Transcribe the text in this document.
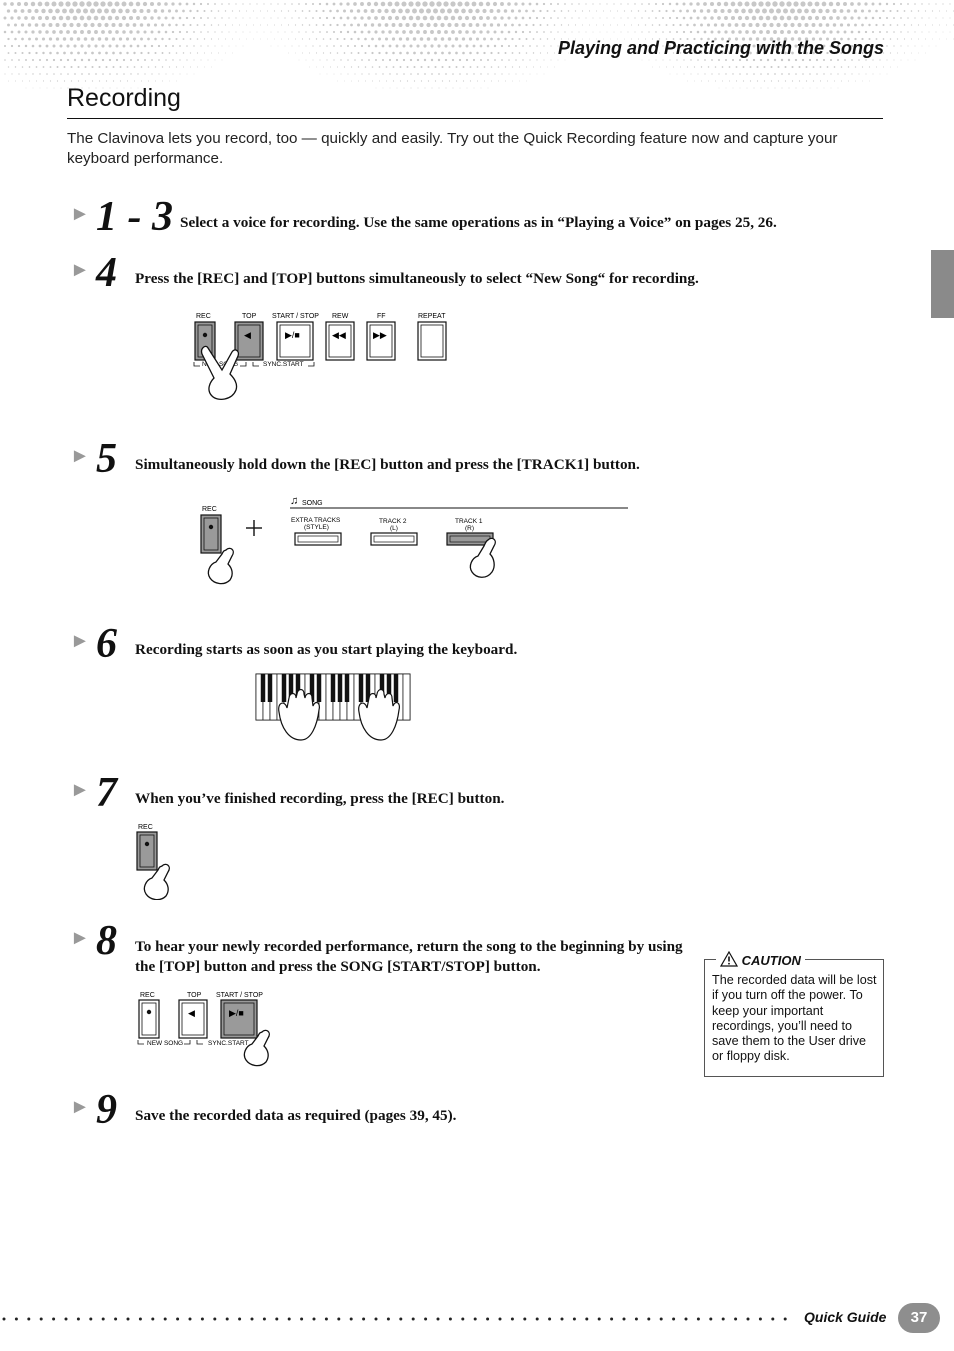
Playing and Practicing with the Songs
Recording
The Clavinova lets you record, too — quickly and easily. Try out the Quick Recording feature now and capture your keyboard performance.
► 1 - 3 Select a voice for recording. Use the same operations as in “Playing a Voice” on pages 25, 26.
► 4 Press the [REC] and [TOP] buttons simultaneously to select “New Song“ for recording.
REC	TOP START / STOP REW	FF	REPEAT
◀	▶/■	◀◀	▶▶
NEW SONG	SYNC.START
► 5 Simultaneously hold down the [REC] button and press the [TRACK1] button.
REC
♫ SONG
EXTRA TRACKS
(STYLE)
TRACK 2
(L)
TRACK 1
(R)
► 6 Recording starts as soon as you start playing the keyboard.
► 7 When you’ve finished recording, press the [REC] button.
REC
► 8 To hear your newly recorded performance, return the song to the beginning by using the [TOP] button and press the SONG [START/STOP] button.
REC	TOP START / STOP
◀	▶/■
NEW SONG	SYNC.START
CAUTION
The recorded data will be lost if you turn off the power. To keep your important recordings, you’ll need to save them to the User drive or floppy disk.
► 9 Save the recorded data as required (pages 39, 45).
Quick Guide	37
